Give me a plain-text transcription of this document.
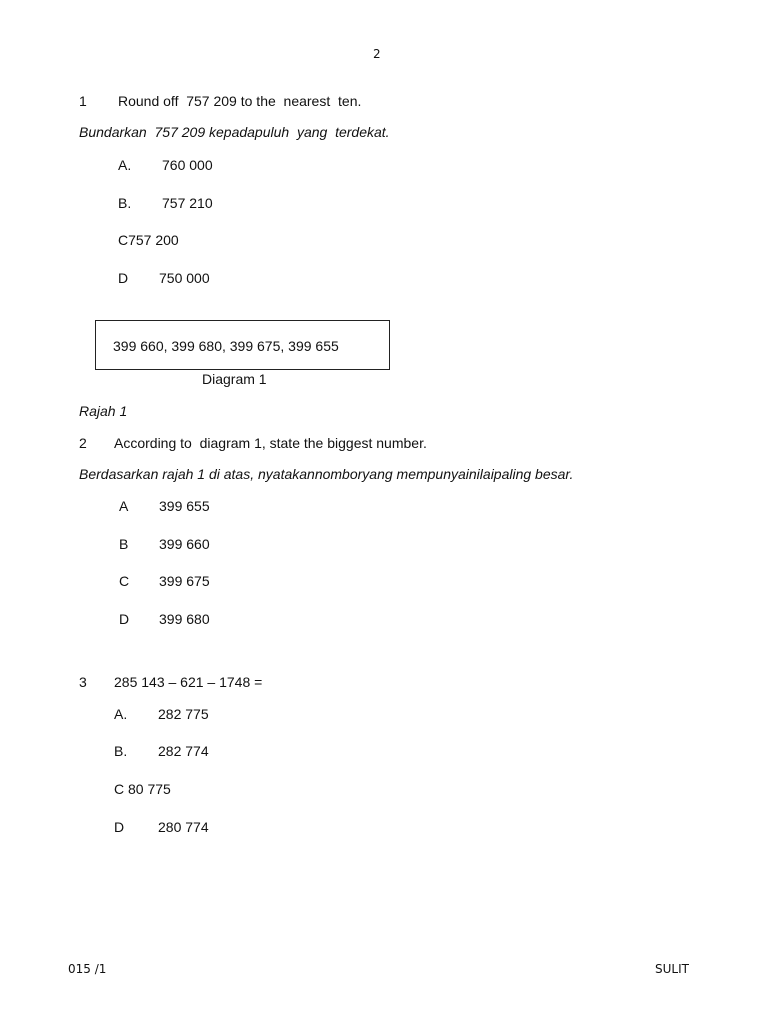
2
1 Round off  757 209 to the  nearest  ten.
Bundarkan  757 209 kepadapuluh  yang  terdekat.
A. 760 000
B. 757 210
C757 200
D 750 000
399 660, 399 680, 399 675, 399 655
Diagram 1
Rajah 1
2 According to  diagram 1, state the biggest number.
Berdasarkan rajah 1 di atas, nyatakannomboryang mempunyainilaipaling besar.
A 399 655
B 399 660
C 399 675
D 399 680
3 285 143 – 621 – 1748 =
A. 282 775
B. 282 774
C 80 775
D 280 774
015 /1	SULIT
